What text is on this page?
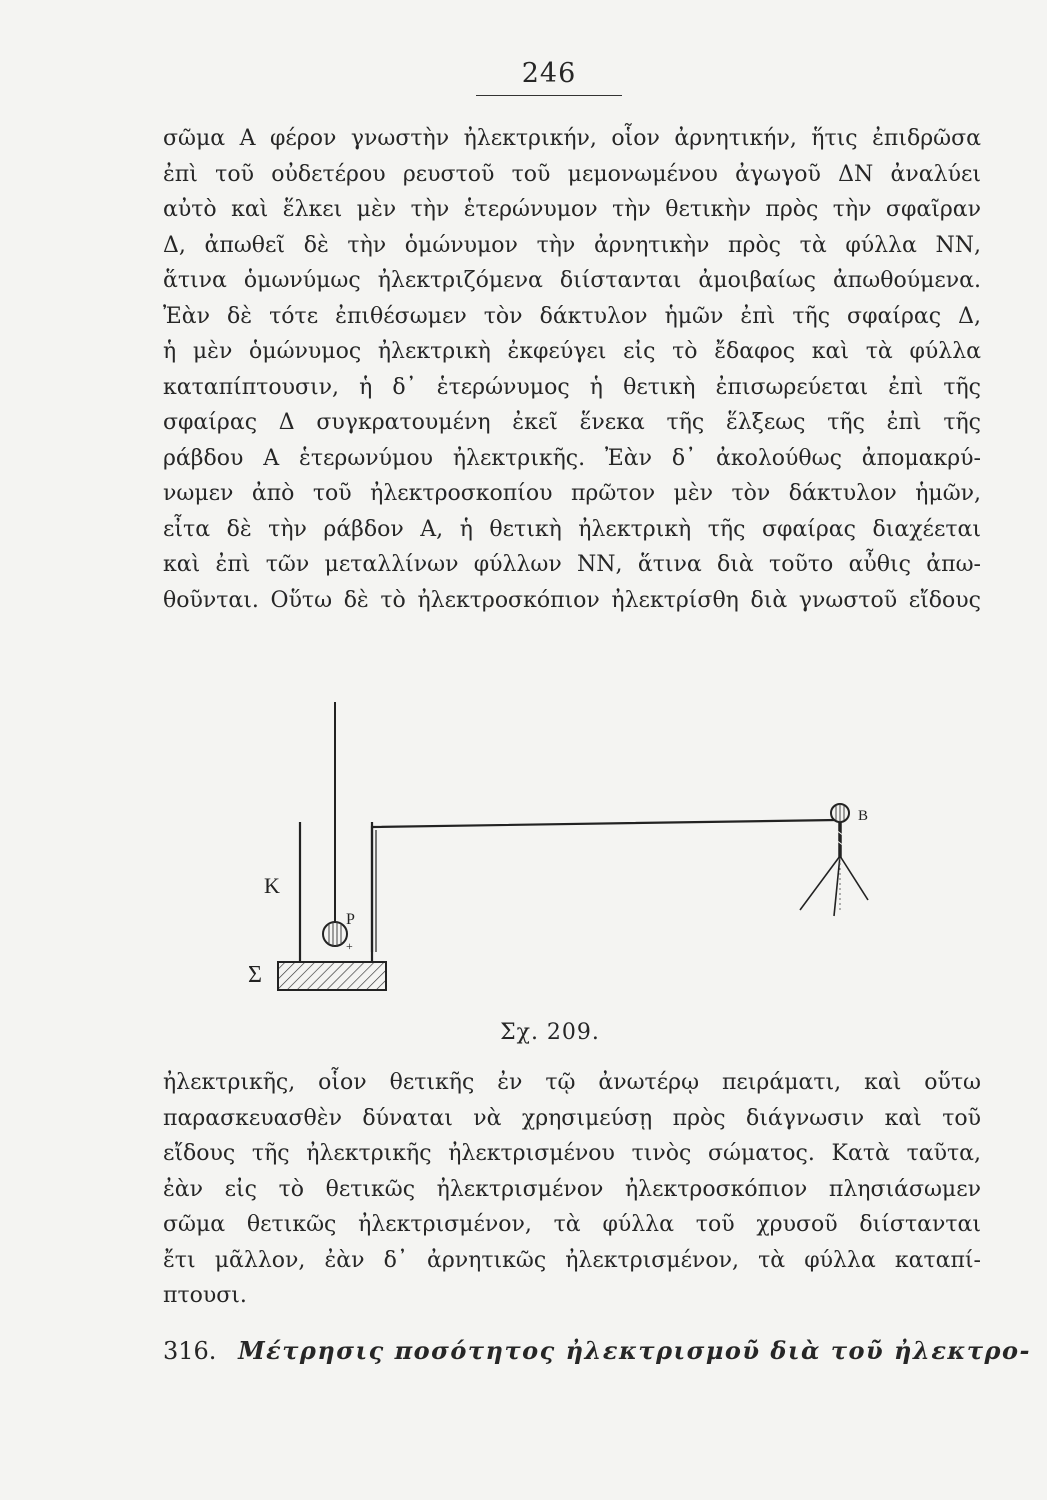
246

σῶμα Α φέρον γνωστὴν ἠλεκτρικήν, οἷον ἀρνητικήν, ἥτις ἐπιδρῶσα
ἐπὶ τοῦ οὐδετέρου ρευστοῦ τοῦ μεμονωμένου ἀγωγοῦ ΔΝ ἀναλύει
αὐτὸ καὶ ἕλκει μὲν τὴν ἑτερώνυμον τὴν θετικὴν πρὸς τὴν σφαῖραν
Δ, ἀπωθεῖ δὲ τὴν ὁμώνυμον τὴν ἀρνητικὴν πρὸς τὰ φύλλα ΝΝ,
ἅτινα ὁμωνύμως ἠλεκτριζόμενα διίστανται ἀμοιβαίως ἀπωθούμενα.
Ἐὰν δὲ τότε ἐπιθέσωμεν τὸν δάκτυλον ἡμῶν ἐπὶ τῆς σφαίρας Δ,
ἡ μὲν ὁμώνυμος ἠλεκτρικὴ ἐκφεύγει εἰς τὸ ἔδαφος καὶ τὰ φύλλα
καταπίπτουσιν, ἡ δ᾽ ἑτερώνυμος ἡ θετικὴ ἐπισωρεύεται ἐπὶ τῆς
σφαίρας Δ συγκρατουμένη ἐκεῖ ἕνεκα τῆς ἕλξεως τῆς ἐπὶ τῆς
ράβδου Α ἑτερωνύμου ἠλεκτρικῆς. Ἐὰν δ᾽ ἀκολούθως ἀπομακρύ-
νωμεν ἀπὸ τοῦ ἠλεκτροσκοπίου πρῶτον μὲν τὸν δάκτυλον ἡμῶν,
εἶτα δὲ τὴν ράβδον Α, ἡ θετικὴ ἠλεκτρικὴ τῆς σφαίρας διαχέεται
καὶ ἐπὶ τῶν μεταλλίνων φύλλων ΝΝ, ἅτινα διὰ τοῦτο αὖθις ἀπω-
θοῦνται. Οὕτω δὲ τὸ ἠλεκτροσκόπιον ἠλεκτρίσθη διὰ γνωστοῦ εἴδους

K
Σ
P
+
B
Σχ. 209.

ἠλεκτρικῆς, οἷον θετικῆς ἐν τῷ ἀνωτέρῳ πειράματι, καὶ οὕτω
παρασκευασθὲν δύναται νὰ χρησιμεύσῃ πρὸς διάγνωσιν καὶ τοῦ
εἴδους τῆς ἠλεκτρικῆς ἠλεκτρισμένου τινὸς σώματος. Κατὰ ταῦτα,
ἐὰν εἰς τὸ θετικῶς ἠλεκτρισμένον ἠλεκτροσκόπιον πλησιάσωμεν
σῶμα θετικῶς ἠλεκτρισμένον, τὰ φύλλα τοῦ χρυσοῦ διίστανται
ἔτι μᾶλλον, ἐὰν δ᾽ ἀρνητικῶς ἠλεκτρισμένον, τὰ φύλλα καταπί-
πτουσι.

316. Μέτρησις ποσότητος ἠλεκτρισμοῦ διὰ τοῦ ἠλεκτρο-
